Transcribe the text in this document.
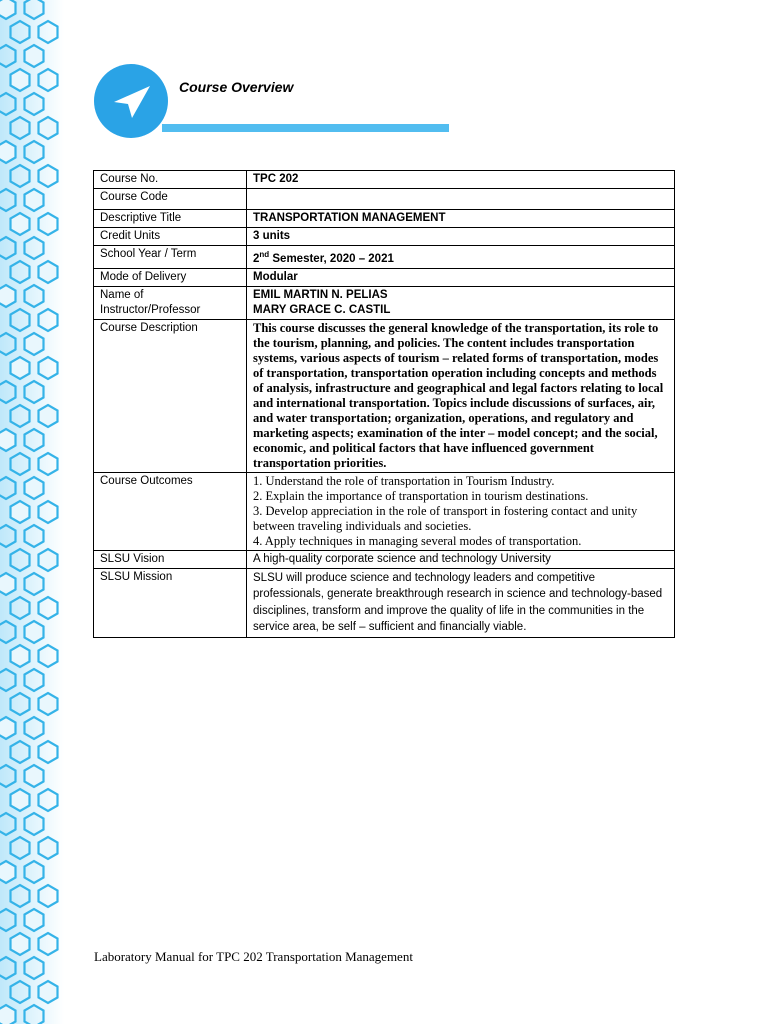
Course Overview
Course No.	TPC 202
Course Code	
Descriptive Title	TRANSPORTATION MANAGEMENT
Credit Units	3 units
School Year / Term	2nd Semester, 2020 – 2021
Mode of Delivery	Modular
Name of Instructor/Professor	EMIL MARTIN N. PELIAS
MARY GRACE C. CASTIL

Course Description	This course discusses the general knowledge of the transportation, its role to the tourism, planning, and policies. The content includes transportation systems, various aspects of tourism – related forms of transportation, modes of transportation, transportation operation including concepts and methods of analysis, infrastructure and geographical and legal factors relating to local and international transportation. Topics include discussions of surfaces, air, and water transportation; organization, operations, and regulatory and marketing aspects; examination of the inter – model concept; and the social, economic, and political factors that have influenced government transportation priorities.
Course Outcomes	1. Understand the role of transportation in Tourism Industry.
2. Explain the importance of transportation in tourism destinations.
3. Develop appreciation in the role of transport in fostering contact and unity between traveling individuals and societies.
4. Apply techniques in managing several modes of transportation.

SLSU Vision	A high-quality corporate science and technology University
SLSU Mission	SLSU will produce science and technology leaders and competitive professionals, generate breakthrough research in science and technology-based disciplines, transform and improve the quality of life in the communities in the service area, be self – sufficient and financially viable.
Laboratory Manual for TPC 202 Transportation Management
